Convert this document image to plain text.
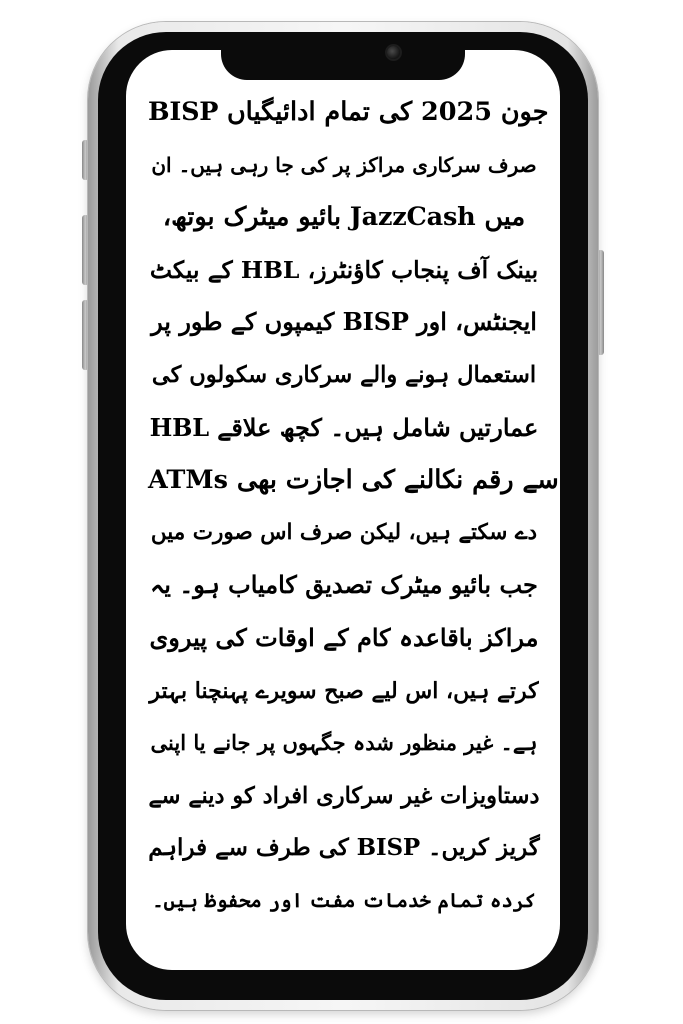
BISP جون 2025 کی تمام ادائیگیاں
صرف سرکاری مراکز پر کی جا رہی ہیں۔ ان
میں JazzCash بائیو میٹرک بوتھ،
بینک آف پنجاب کاؤنٹرز، HBL کے بیکٹ
ایجنٹس، اور BISP کیمپوں کے طور پر
استعمال ہونے والے سرکاری سکولوں کی
عمارتیں شامل ہیں۔ کچھ علاقے HBL
ATMs سے رقم نکالنے کی اجازت بھی
دے سکتے ہیں، لیکن صرف اس صورت میں
جب بائیو میٹرک تصدیق کامیاب ہو۔ یہ
مراکز باقاعدہ کام کے اوقات کی پیروی
کرتے ہیں، اس لیے صبح سویرے پہنچنا بہتر
ہے۔ غیر منظور شدہ جگہوں پر جانے یا اپنی
دستاویزات غیر سرکاری افراد کو دینے سے
گریز کریں۔ BISP کی طرف سے فراہم
کردہ تمام خدمات مفت اور محفوظ ہیں۔
